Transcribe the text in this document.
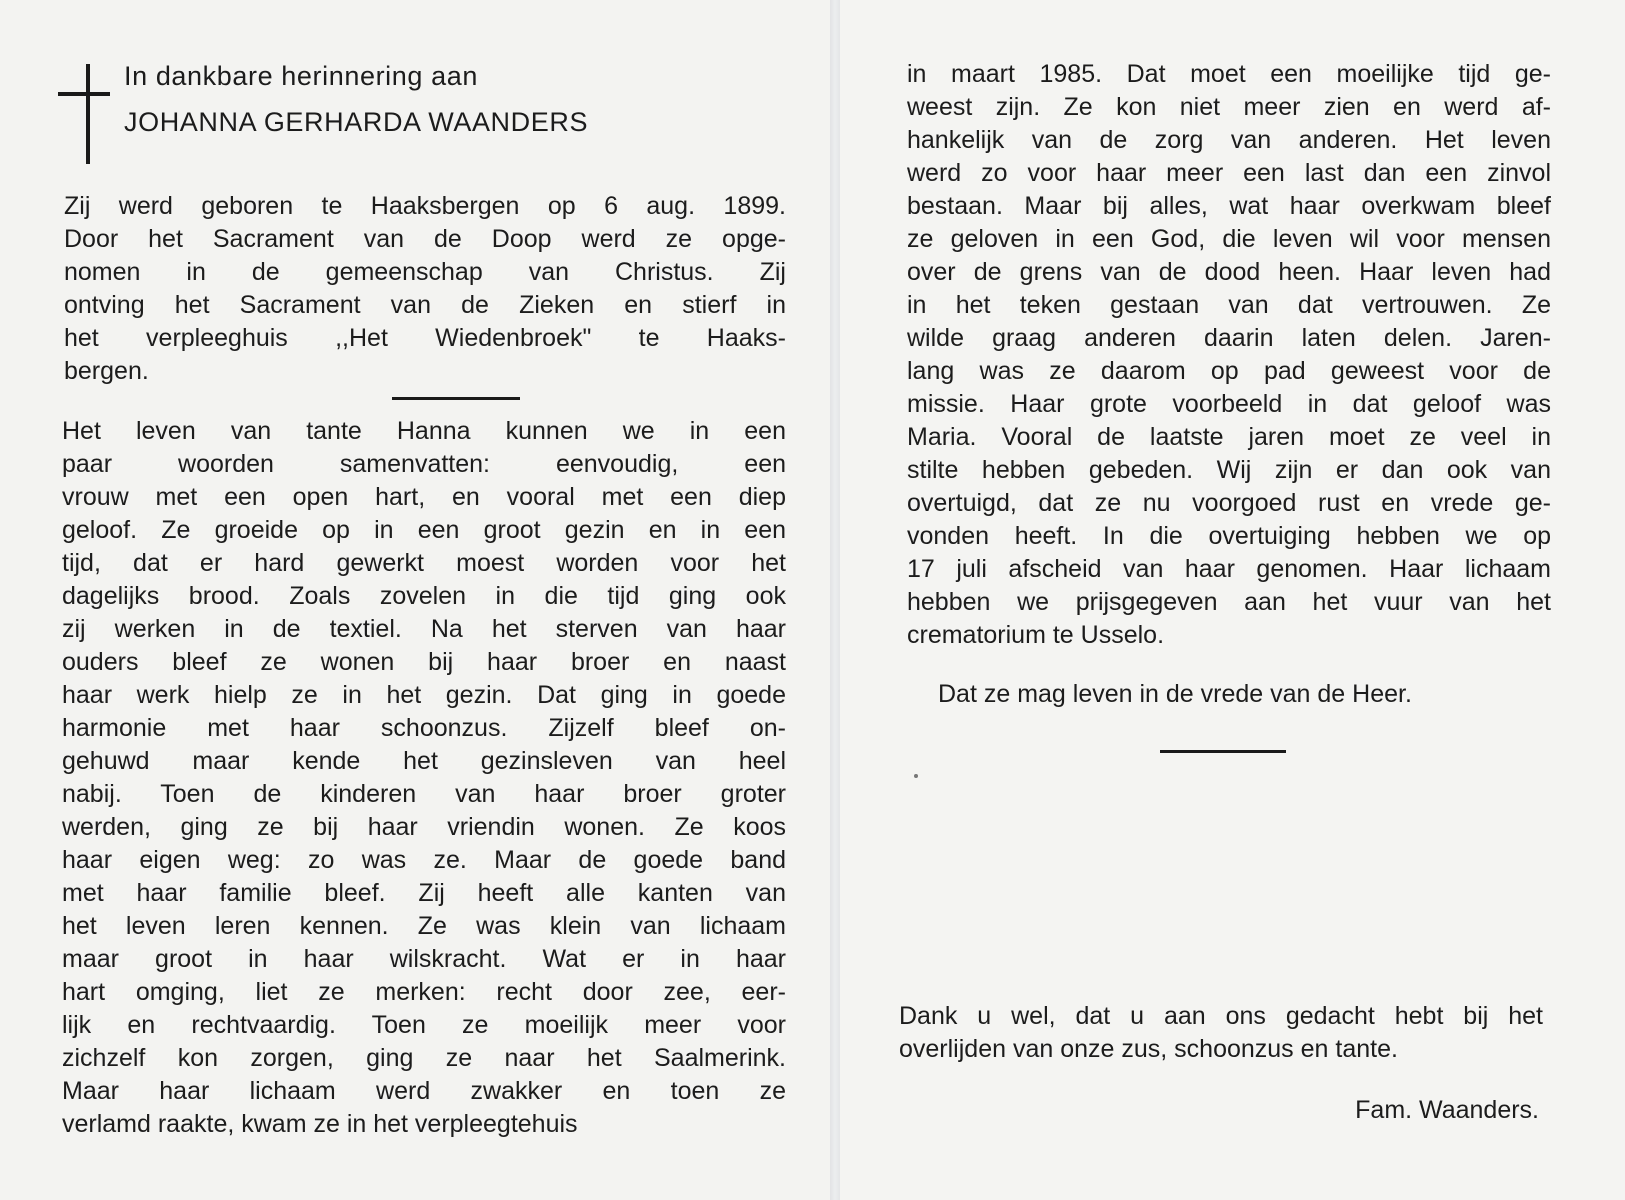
In dankbare herinnering aan
JOHANNA GERHARDA WAANDERS
Zij werd geboren te Haaksbergen op 6 aug. 1899.
Door het Sacrament van de Doop werd ze opge-
nomen in de gemeenschap van Christus. Zij
ontving het Sacrament van de Zieken en stierf in
het verpleeghuis ,,Het Wiedenbroek" te Haaks-
bergen.
Het leven van tante Hanna kunnen we in een
paar woorden samenvatten: eenvoudig, een
vrouw met een open hart, en vooral met een diep
geloof. Ze groeide op in een groot gezin en in een
tijd, dat er hard gewerkt moest worden voor het
dagelijks brood. Zoals zovelen in die tijd ging ook
zij werken in de textiel. Na het sterven van haar
ouders bleef ze wonen bij haar broer en naast
haar werk hielp ze in het gezin. Dat ging in goede
harmonie met haar schoonzus. Zijzelf bleef on-
gehuwd maar kende het gezinsleven van heel
nabij. Toen de kinderen van haar broer groter
werden, ging ze bij haar vriendin wonen. Ze koos
haar eigen weg: zo was ze. Maar de goede band
met haar familie bleef. Zij heeft alle kanten van
het leven leren kennen. Ze was klein van lichaam
maar groot in haar wilskracht. Wat er in haar
hart omging, liet ze merken: recht door zee, eer-
lijk en rechtvaardig. Toen ze moeilijk meer voor
zichzelf kon zorgen, ging ze naar het Saalmerink.
Maar haar lichaam werd zwakker en toen ze
verlamd raakte, kwam ze in het verpleegtehuis
in maart 1985. Dat moet een moeilijke tijd ge-
weest zijn. Ze kon niet meer zien en werd af-
hankelijk van de zorg van anderen. Het leven
werd zo voor haar meer een last dan een zinvol
bestaan. Maar bij alles, wat haar overkwam bleef
ze geloven in een God, die leven wil voor mensen
over de grens van de dood heen. Haar leven had
in het teken gestaan van dat vertrouwen. Ze
wilde graag anderen daarin laten delen. Jaren-
lang was ze daarom op pad geweest voor de
missie. Haar grote voorbeeld in dat geloof was
Maria. Vooral de laatste jaren moet ze veel in
stilte hebben gebeden. Wij zijn er dan ook van
overtuigd, dat ze nu voorgoed rust en vrede ge-
vonden heeft. In die overtuiging hebben we op
17 juli afscheid van haar genomen. Haar lichaam
hebben we prijsgegeven aan het vuur van het
crematorium te Usselo.
Dat ze mag leven in de vrede van de Heer.
Dank u wel, dat u aan ons gedacht hebt bij het
overlijden van onze zus, schoonzus en tante.
Fam. Waanders.
